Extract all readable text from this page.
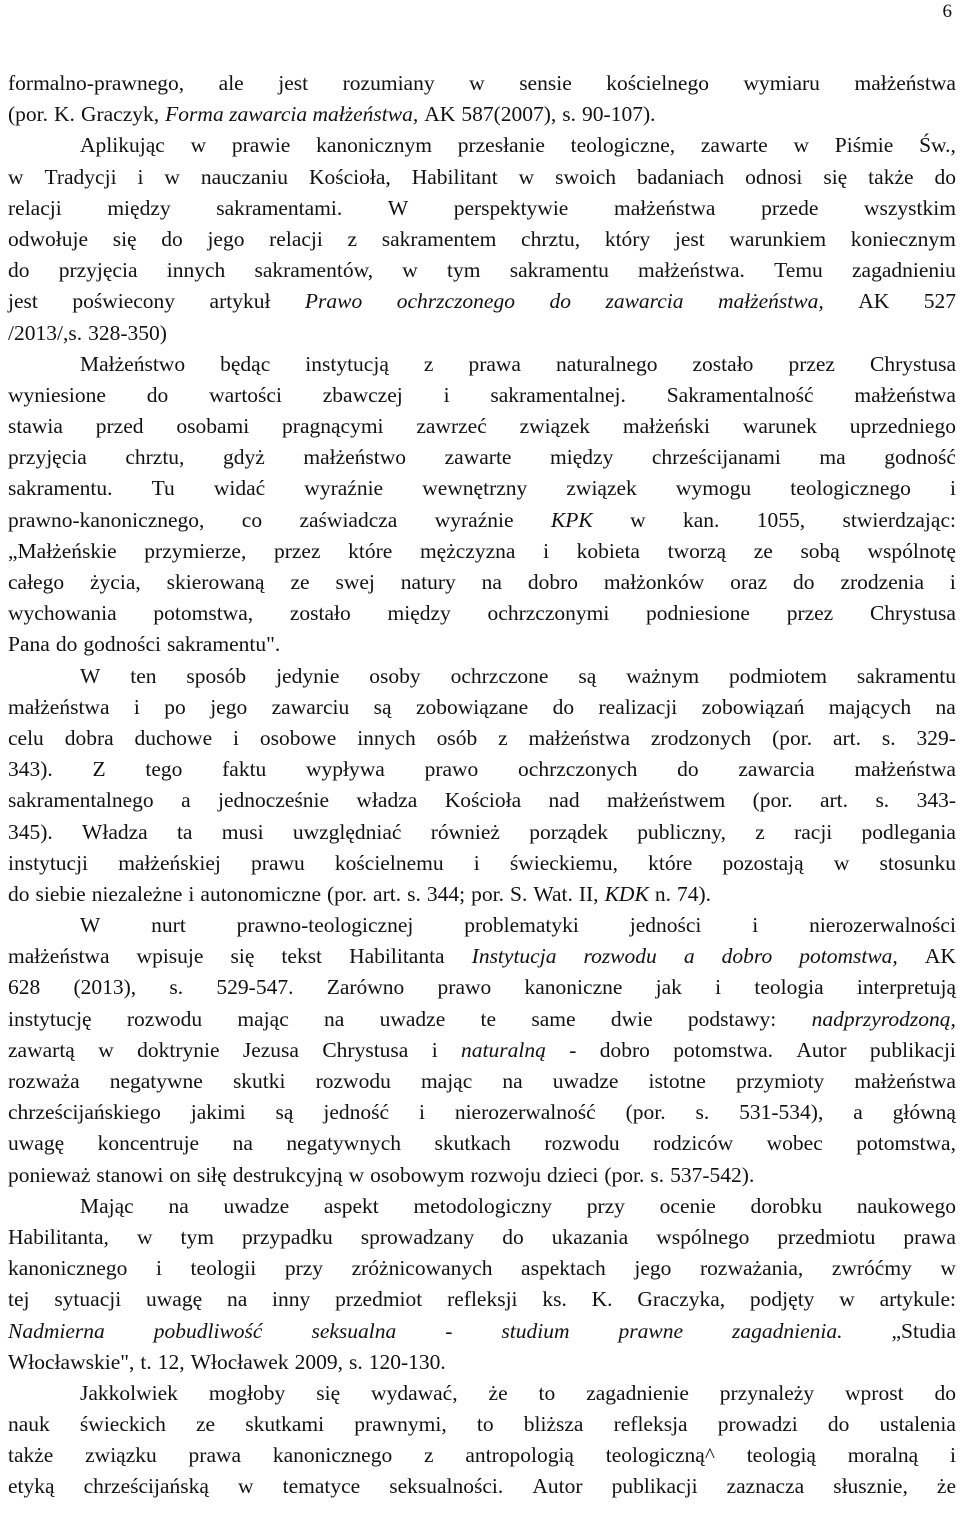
6
formalno-prawnego, ale jest rozumiany w sensie kościelnego wymiaru małżeństwa
(por. K. Graczyk, Forma zawarcia małżeństwa, AK 587(2007), s. 90-107).
Aplikując w prawie kanonicznym przesłanie teologiczne, zawarte w Piśmie Św.,
w Tradycji i w nauczaniu Kościoła, Habilitant w swoich badaniach odnosi się także do
relacji między sakramentami. W perspektywie małżeństwa przede wszystkim
odwołuje się do jego relacji z sakramentem chrztu, który jest warunkiem koniecznym
do przyjęcia innych sakramentów, w tym sakramentu małżeństwa. Temu zagadnieniu
jest poświecony artykuł Prawo ochrzczonego do zawarcia małżeństwa, AK 527
/2013/,s. 328-350)
Małżeństwo będąc instytucją z prawa naturalnego zostało przez Chrystusa
wyniesione do wartości zbawczej i sakramentalnej. Sakramentalność małżeństwa
stawia przed osobami pragnącymi zawrzeć związek małżeński warunek uprzedniego
przyjęcia chrztu, gdyż małżeństwo zawarte między chrześcijanami ma godność
sakramentu. Tu widać wyraźnie wewnętrzny związek wymogu teologicznego i
prawno-kanonicznego, co zaświadcza wyraźnie KPK w kan. 1055, stwierdzając:
„Małżeńskie przymierze, przez które mężczyzna i kobieta tworzą ze sobą wspólnotę
całego życia, skierowaną ze swej natury na dobro małżonków oraz do zrodzenia i
wychowania potomstwa, zostało między ochrzczonymi podniesione przez Chrystusa
Pana do godności sakramentu".
W ten sposób jedynie osoby ochrzczone są ważnym podmiotem sakramentu
małżeństwa i po jego zawarciu są zobowiązane do realizacji zobowiązań mających na
celu dobra duchowe i osobowe innych osób z małżeństwa zrodzonych (por. art. s. 329-
343). Z tego faktu wypływa prawo ochrzczonych do zawarcia małżeństwa
sakramentalnego a jednocześnie władza Kościoła nad małżeństwem (por. art. s. 343-
345). Władza ta musi uwzględniać również porządek publiczny, z racji podlegania
instytucji małżeńskiej prawu kościelnemu i świeckiemu, które pozostają w stosunku
do siebie niezależne i autonomiczne (por. art. s. 344; por. S. Wat. II, KDK n. 74).
W nurt prawno-teologicznej problematyki jedności i nierozerwalności
małżeństwa wpisuje się tekst Habilitanta Instytucja rozwodu a dobro potomstwa, AK
628 (2013), s. 529-547. Zarówno prawo kanoniczne jak i teologia interpretują
instytucję rozwodu mając na uwadze te same dwie podstawy: nadprzyrodzoną,
zawartą w doktrynie Jezusa Chrystusa i naturalną - dobro potomstwa. Autor publikacji
rozważa negatywne skutki rozwodu mając na uwadze istotne przymioty małżeństwa
chrześcijańskiego jakimi są jedność i nierozerwalność (por. s. 531-534), a główną
uwagę koncentruje na negatywnych skutkach rozwodu rodziców wobec potomstwa,
ponieważ stanowi on siłę destrukcyjną w osobowym rozwoju dzieci (por. s. 537-542).
Mając na uwadze aspekt metodologiczny przy ocenie dorobku naukowego
Habilitanta, w tym przypadku sprowadzany do ukazania wspólnego przedmiotu prawa
kanonicznego i teologii przy zróżnicowanych aspektach jego rozważania, zwróćmy w
tej sytuacji uwagę na inny przedmiot refleksji ks. K. Graczyka, podjęty w artykule:
Nadmierna pobudliwość seksualna - studium prawne zagadnienia. „Studia
Włocławskie", t. 12, Włocławek 2009, s. 120-130.
Jakkolwiek mogłoby się wydawać, że to zagadnienie przynależy wprost do
nauk świeckich ze skutkami prawnymi, to bliższa refleksja prowadzi do ustalenia
także związku prawa kanonicznego z antropologią teologiczną^ teologią moralną i
etyką chrześcijańską w tematyce seksualności. Autor publikacji zaznacza słusznie, że
